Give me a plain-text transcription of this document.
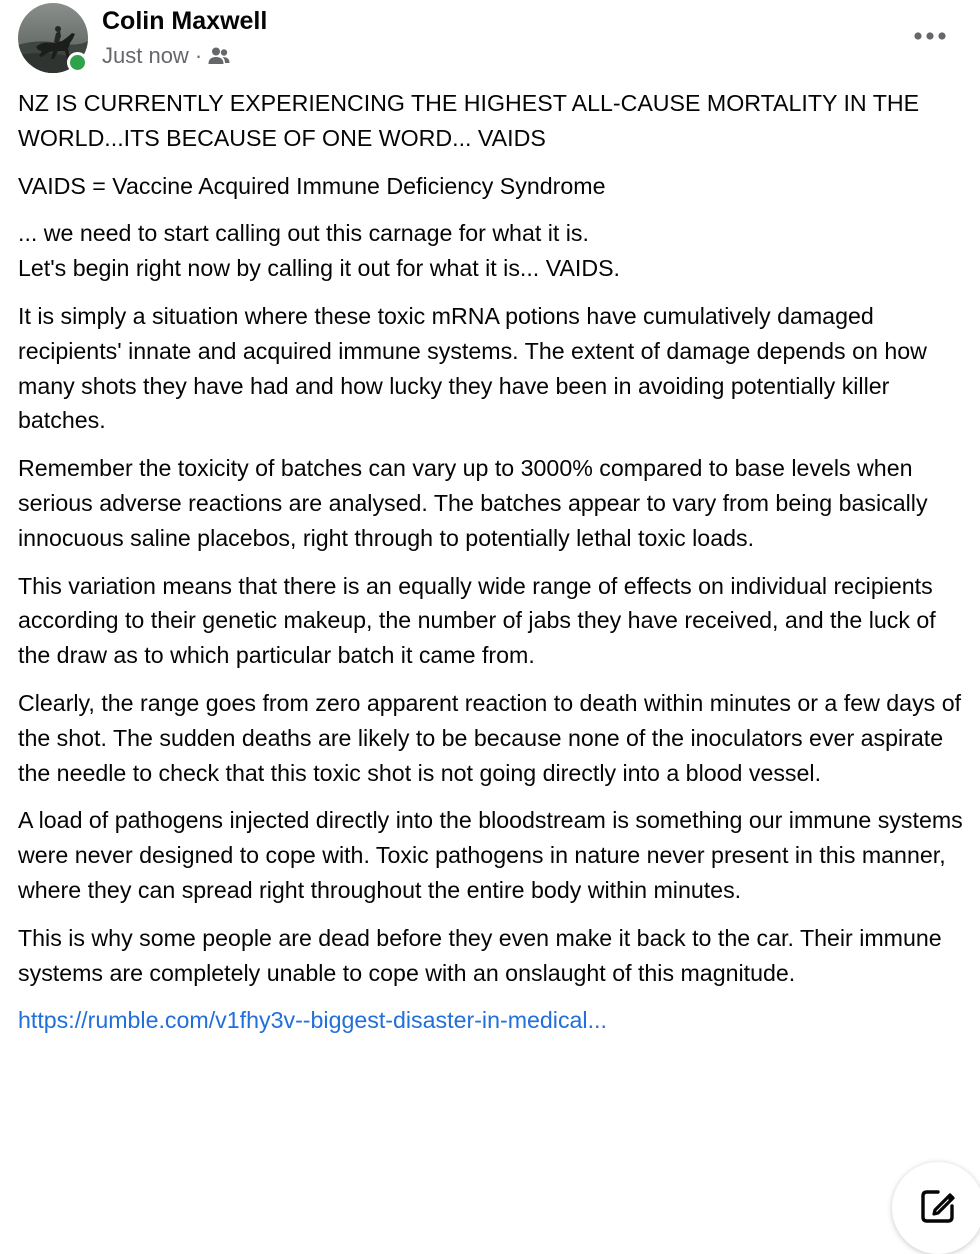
Colin Maxwell
Just now ·

NZ IS CURRENTLY EXPERIENCING THE HIGHEST ALL-CAUSE MORTALITY IN THE WORLD...ITS BECAUSE OF ONE WORD... VAIDS

VAIDS = Vaccine Acquired Immune Deficiency Syndrome

... we need to start calling out this carnage for what it is.
Let's begin right now by calling it out for what it is... VAIDS.

It is simply a situation where these toxic mRNA potions have cumulatively damaged recipients' innate and acquired immune systems. The extent of damage depends on how many shots they have had and how lucky they have been in avoiding potentially killer batches.

Remember the toxicity of batches can vary up to 3000% compared to base levels when serious adverse reactions are analysed. The batches appear to vary from being basically innocuous saline placebos, right through to potentially lethal toxic loads.

This variation means that there is an equally wide range of effects on individual recipients according to their genetic makeup, the number of jabs they have received, and the luck of the draw as to which particular batch it came from.

Clearly, the range goes from zero apparent reaction to death within minutes or a few days of the shot. The sudden deaths are likely to be because none of the inoculators ever aspirate the needle to check that this toxic shot is not going directly into a blood vessel.

A load of pathogens injected directly into the bloodstream is something our immune systems were never designed to cope with. Toxic pathogens in nature never present in this manner, where they can spread right throughout the entire body within minutes.

This is why some people are dead before they even make it back to the car. Their immune systems are completely unable to cope with an onslaught of this magnitude.

https://rumble.com/v1fhy3v--biggest-disaster-in-medical...
